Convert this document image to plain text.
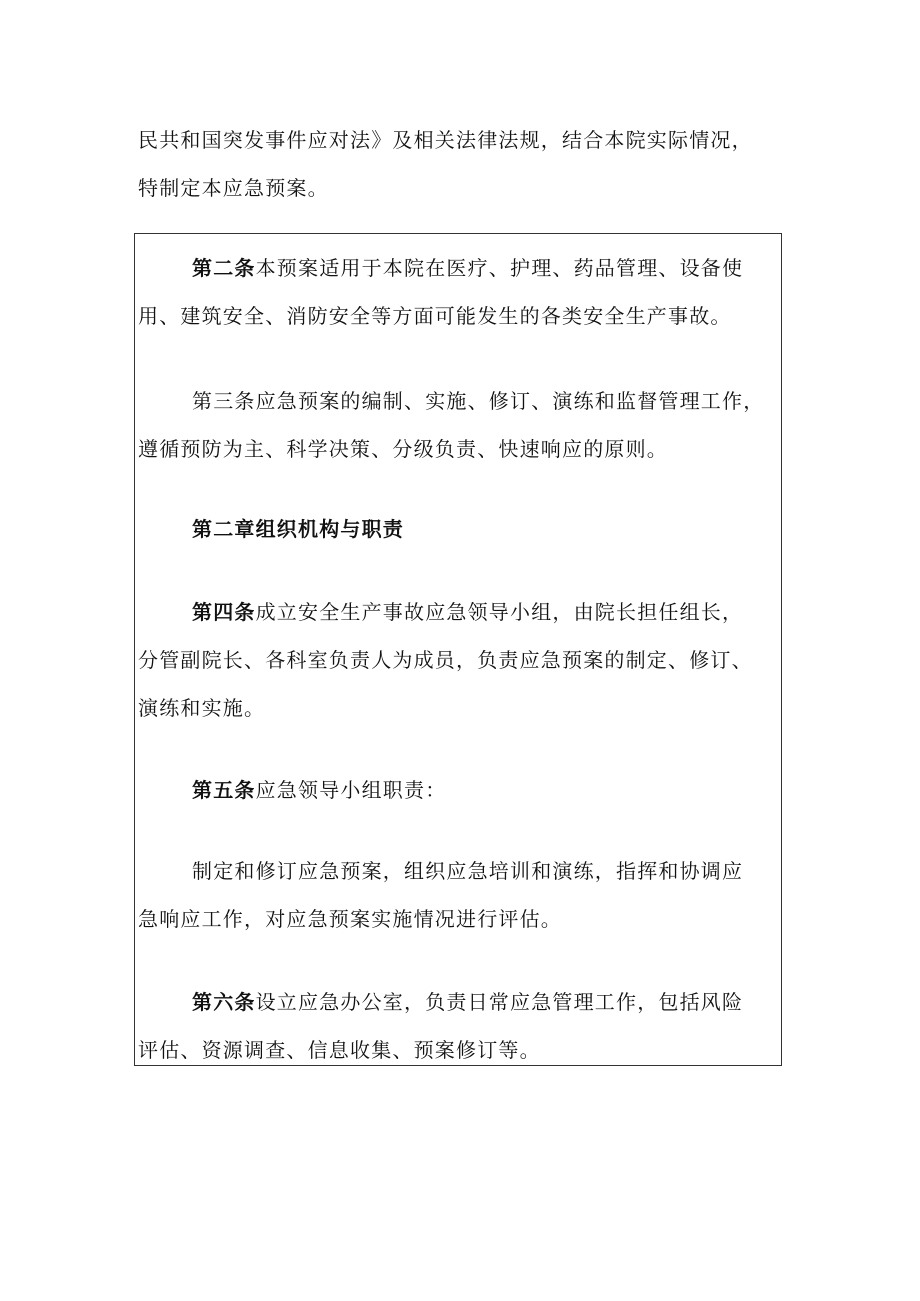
民共和国突发事件应对法》及相关法律法规，结合本院实际情况，
特制定本应急预案。
第二条本预案适用于本院在医疗、护理、药品管理、设备使
用、建筑安全、消防安全等方面可能发生的各类安全生产事故。
第三条应急预案的编制、实施、修订、演练和监督管理工作，
遵循预防为主、科学决策、分级负责、快速响应的原则。
第二章组织机构与职责
第四条成立安全生产事故应急领导小组，由院长担任组长，
分管副院长、各科室负责人为成员，负责应急预案的制定、修订、
演练和实施。
第五条应急领导小组职责：
制定和修订应急预案，组织应急培训和演练，指挥和协调应
急响应工作，对应急预案实施情况进行评估。
第六条设立应急办公室，负责日常应急管理工作，包括风险
评估、资源调查、信息收集、预案修订等。
